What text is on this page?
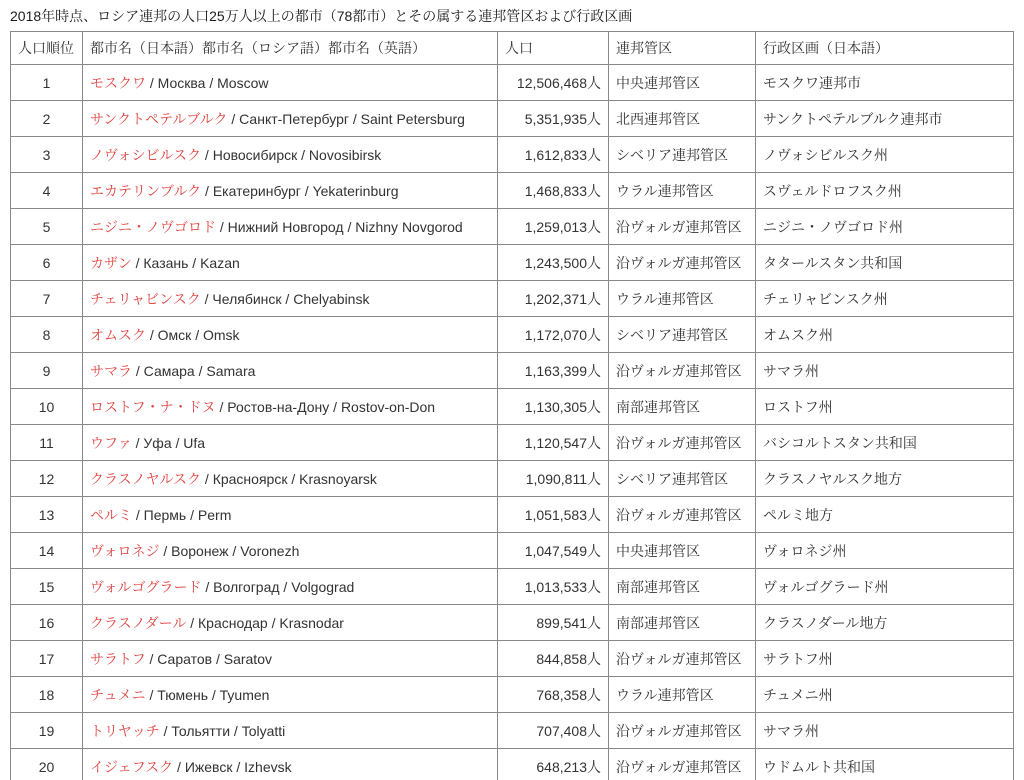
2018年時点、ロシア連邦の人口25万人以上の都市（78都市）とその属する連邦管区および行政区画
人口順位	都市名（日本語）都市名（ロシア語）都市名（英語）	人口	連邦管区	行政区画（日本語）
1	モスクワ / Москва / Moscow	12,506,468人	中央連邦管区	モスクワ連邦市
2	サンクトペテルブルク / Санкт-Петербург / Saint Petersburg	5,351,935人	北西連邦管区	サンクトペテルブルク連邦市
3	ノヴォシビルスク / Новосибирск / Novosibirsk	1,612,833人	シベリア連邦管区	ノヴォシビルスク州
4	エカテリンブルク / Екатеринбург / Yekaterinburg	1,468,833人	ウラル連邦管区	スヴェルドロフスク州
5	ニジニ・ノヴゴロド / Нижний Новгород / Nizhny Novgorod	1,259,013人	沿ヴォルガ連邦管区	ニジニ・ノヴゴロド州
6	カザン / Казань / Kazan	1,243,500人	沿ヴォルガ連邦管区	タタールスタン共和国
7	チェリャビンスク / Челябинск / Chelyabinsk	1,202,371人	ウラル連邦管区	チェリャビンスク州
8	オムスク / Омск / Omsk	1,172,070人	シベリア連邦管区	オムスク州
9	サマラ / Самара / Samara	1,163,399人	沿ヴォルガ連邦管区	サマラ州
10	ロストフ・ナ・ドヌ / Ростов-на-Дону / Rostov-on-Don	1,130,305人	南部連邦管区	ロストフ州
11	ウファ / Уфа / Ufa	1,120,547人	沿ヴォルガ連邦管区	バシコルトスタン共和国
12	クラスノヤルスク / Красноярск / Krasnoyarsk	1,090,811人	シベリア連邦管区	クラスノヤルスク地方
13	ペルミ / Пермь / Perm	1,051,583人	沿ヴォルガ連邦管区	ペルミ地方
14	ヴォロネジ / Воронеж / Voronezh	1,047,549人	中央連邦管区	ヴォロネジ州
15	ヴォルゴグラード / Волгоград / Volgograd	1,013,533人	南部連邦管区	ヴォルゴグラード州
16	クラスノダール / Краснодар / Krasnodar	899,541人	南部連邦管区	クラスノダール地方
17	サラトフ / Саратов / Saratov	844,858人	沿ヴォルガ連邦管区	サラトフ州
18	チュメニ / Тюмень / Tyumen	768,358人	ウラル連邦管区	チュメニ州
19	トリヤッチ / Тольятти / Tolyatti	707,408人	沿ヴォルガ連邦管区	サマラ州
20	イジェフスク / Ижевск / Izhevsk	648,213人	沿ヴォルガ連邦管区	ウドムルト共和国
